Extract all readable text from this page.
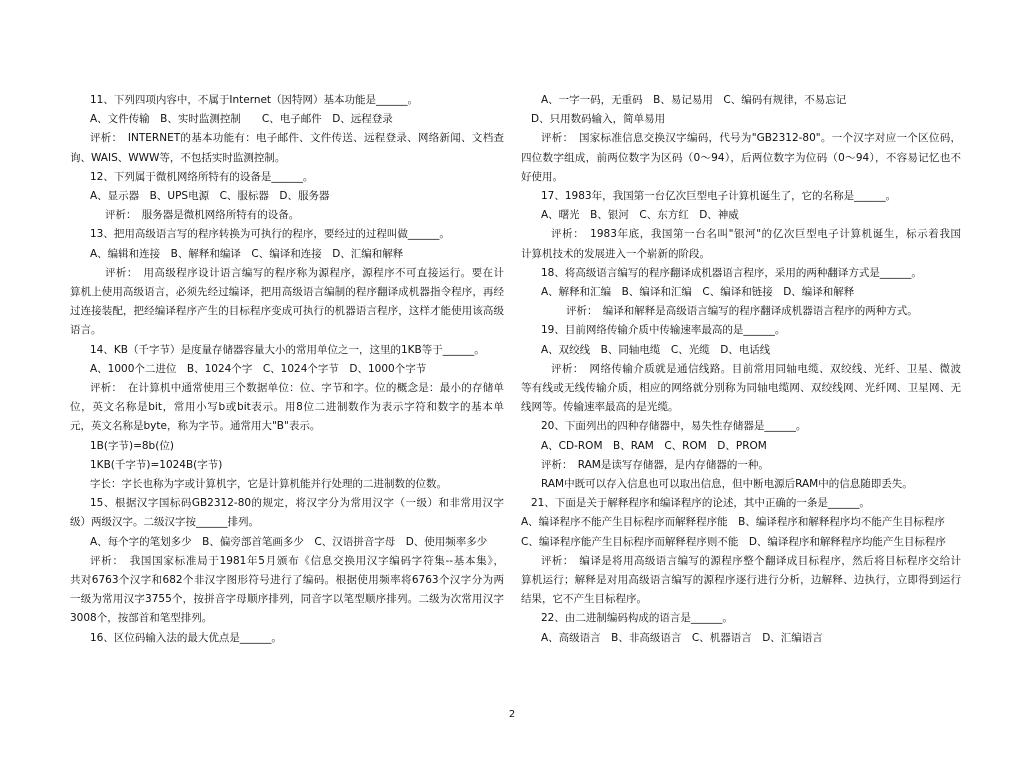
11、下列四项内容中，不属于Internet（因特网）基本功能是______。
A、文件传输　B、实时监测控制　　C、电子邮件　D、远程登录
评析：　INTERNET的基本功能有：电子邮件、文件传送、远程登录、网络新闻、文档查
询、WAIS、WWW等，不包括实时监测控制。
12、下列属于微机网络所特有的设备是______。
A、显示器　B、UPS电源　C、服标器　D、服务器
评析：　服务器是微机网络所特有的设备。
13、把用高级语言写的程序转换为可执行的程序，要经过的过程叫做______。
A、编辑和连接　B、解释和编译　C、编译和连接　D、汇编和解释
评析：　用高级程序设计语言编写的程序称为源程序，源程序不可直接运行。要在计
算机上使用高级语言，必须先经过编译，把用高级语言编制的程序翻译成机器指令程序，再经
过连接装配，把经编译程序产生的目标程序变成可执行的机器语言程序，这样才能使用该高级
语言。
14、KB（千字节）是度量存储器容量大小的常用单位之一，这里的1KB等于______。
A、1000个二进位　B、1024个字　C、1024个字节　D、1000个字节
评析：　在计算机中通常使用三个数据单位：位、字节和字。位的概念是：最小的存储单
位，英文名称是bit，常用小写b或bit表示。用8位二进制数作为表示字符和数字的基本单
元，英文名称是byte，称为字节。通常用大"B"表示。
1B(字节)=8b(位)
1KB(千字节)=1024B(字节)
字长：字长也称为字或计算机字，它是计算机能并行处理的二进制数的位数。
15、根据汉字国标码GB2312-80的规定，将汉字分为常用汉字（一级）和非常用汉字
级）两级汉字。二级汉字按______排列。
A、每个字的笔划多少　B、偏旁部首笔画多少　C、汉语拼音字母　D、使用频率多少
评析：　我国国家标准局于1981年5月颁布《信息交换用汉字编码字符集--基本集》，
共对6763个汉字和682个非汉字图形符号进行了编码。根据使用频率将6763个汉字分为两
一级为常用汉字3755个，按拼音字母顺序排列，同音字以笔型顺序排列。二级为次常用汉字
3008个，按部首和笔型排列。
16、区位码输入法的最大优点是______。
A、一字一码，无重码　B、易记易用　C、编码有规律，不易忘记
D、只用数码输入，简单易用
评析：　国家标准信息交换汉字编码，代号为"GB2312-80"。一个汉字对应一个区位码，
四位数字组成，前两位数字为区码（0～94），后两位数字为位码（0～94），不容易记忆也不
好使用。
17、1983年，我国第一台亿次巨型电子计算机诞生了，它的名称是______。
A、曙光　B、银河　C、东方红　D、神威
评析：　1983年底，我国第一台名叫"银河"的亿次巨型电子计算机诞生，标示着我国
计算机技术的发展进入一个崭新的阶段。
18、将高级语言编写的程序翻译成机器语言程序，采用的两种翻译方式是______。
A、解释和汇编　B、编译和汇编　C、编译和链接　D、编译和解释
评析：　编译和解释是高级语言编写的程序翻译成机器语言程序的两种方式。
19、目前网络传输介质中传输速率最高的是______。
A、双绞线　B、同轴电缆　C、光缆　D、电话线
评析：　网络传输介质就是通信线路。目前常用同轴电缆、双绞线、光纤、卫星、微波
等有线或无线传输介质，相应的网络就分别称为同轴电缆网、双绞线网、光纤网、卫星网、无
线网等。传输速率最高的是光缆。
20、下面列出的四种存储器中，易失性存储器是______。
A、CD-ROM　B、RAM　C、ROM　D、PROM
评析：　RAM是读写存储器，是内存储器的一种。
RAM中既可以存入信息也可以取出信息，但中断电源后RAM中的信息随即丢失。
21、下面是关于解释程序和编译程序的论述，其中正确的一条是______。
A、编译程序不能产生目标程序而解释程序能　B、编译程序和解释程序均不能产生目标程序
C、编译程序能产生目标程序而解释程序则不能　D、编译程序和解释程序均能产生目标程序
评析：　编译是将用高级语言编写的源程序整个翻译成目标程序，然后将目标程序交给计
算机运行；解释是对用高级语言编写的源程序逐行进行分析，边解释、边执行，立即得到运行
结果，它不产生目标程序。
22、由二进制编码构成的语言是______。
A、高级语言　B、非高级语言　C、机器语言　D、汇编语言
2
